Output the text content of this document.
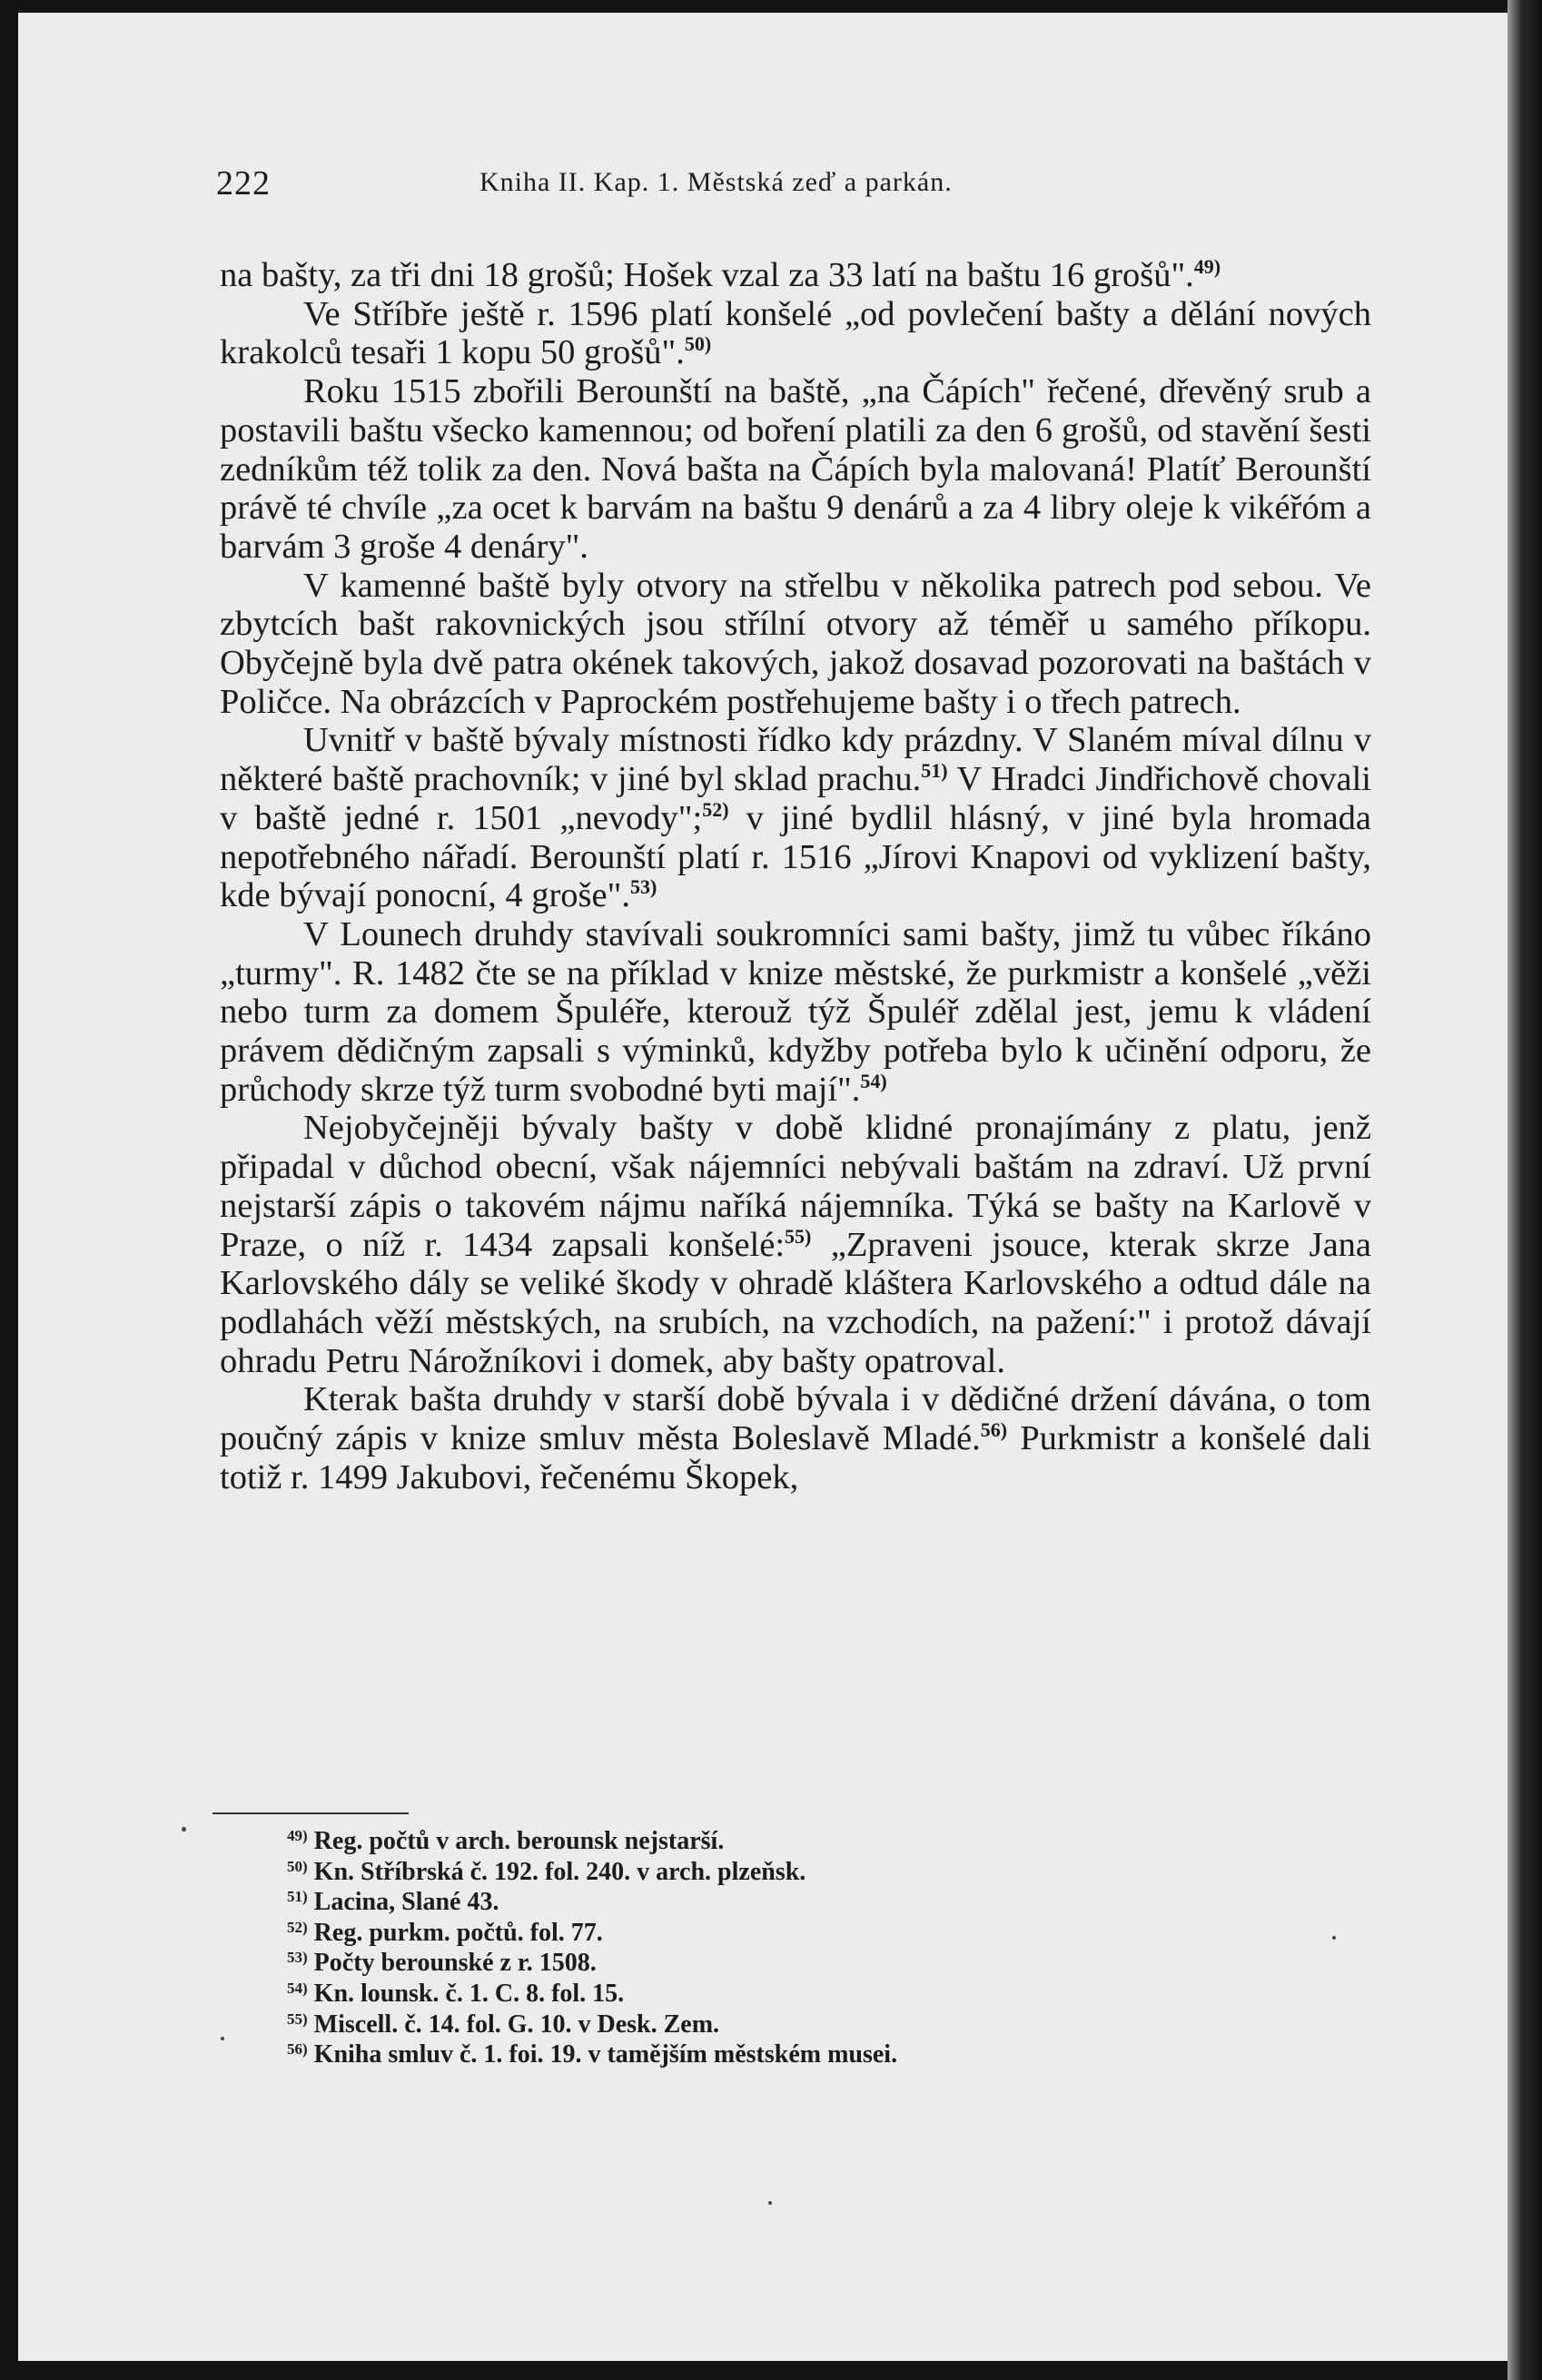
222	Kniha II. Kap. 1. Městská zeď a parkán.

na bašty, za tři dni 18 grošů; Hošek vzal za 33 latí na baštu 16 grošů".$^{49)}$

Ve Stříbře ještě r. 1596 platí konšelé „od povlečení bašty a dělání nových krakolců tesaři 1 kopu 50 grošů".$^{50)}$

Roku 1515 zbořili Berounští na baště, „na Čápích" řečené, dřevěný srub a postavili baštu všecko kamennou; od boření platili za den 6 grošů, od stavění šesti zedníkům též tolik za den. Nová bašta na Čápích byla malovaná! Platíť Berounští právě té chvíle „za ocet k barvám na baštu 9 denárů a za 4 libry oleje k vikéřóm a barvám 3 groše 4 denáry".

V kamenné baště byly otvory na střelbu v několika patrech pod sebou. Ve zbytcích bašt rakovnických jsou střílní otvory až téměř u samého příkopu. Obyčejně byla dvě patra okének takových, jakož dosavad pozorovati na baštách v Poličce. Na obrázcích v Paprockém postřehujeme bašty i o třech patrech.

Uvnitř v baště bývaly místnosti řídko kdy prázdny. V Slaném míval dílnu v některé baště prachovník; v jiné byl sklad prachu.$^{51)}$ V Hradci Jindřichově chovali v baště jedné r. 1501 „nevody";$^{52)}$ v jiné bydlil hlásný, v jiné byla hromada nepotřebného nářadí. Berounští platí r. 1516 „Jírovi Knapovi od vyklizení bašty, kde bývají ponocní, 4 groše".$^{53)}$

V Lounech druhdy stavívali soukromníci sami bašty, jimž tu vůbec říkáno „turmy". R. 1482 čte se na příklad v knize městské, že purkmistr a konšelé „věži nebo turm za domem Špuléře, kterouž týž Špuléř zdělal jest, jemu k vládení právem dědičným zapsali s výminků, kdyžby potřeba bylo k učinění odporu, že průchody skrze týž turm svobodné byti mají".$^{54)}$

Nejobyčejněji bývaly bašty v době klidné pronajímány z platu, jenž připadal v důchod obecní, však nájemníci nebývali baštám na zdraví. Už první nejstarší zápis o takovém nájmu naříká nájemníka. Týká se bašty na Karlově v Praze, o níž r. 1434 zapsali konšelé:$^{55)}$ „Zpraveni jsouce, kterak skrze Jana Karlovského dály se veliké škody v ohradě kláštera Karlovského a odtud dále na podlahách věží městských, na srubích, na vzchodích, na pažení:" i protož dávají ohradu Petru Nárožníkovi i domek, aby bašty opatroval.

Kterak bašta druhdy v starší době bývala i v dědičné držení dávána, o tom poučný zápis v knize smluv města Boleslavě Mladé.$^{56)}$ Purkmistr a konšelé dali totiž r. 1499 Jakubovi, řečenému Škopek,

$^{49)}$ Reg. počtů v arch. berounsk nejstarší.
$^{50)}$ Kn. Stříbrská č. 192. fol. 240. v arch. plzeňsk.
$^{51)}$ Lacina, Slané 43.
$^{52)}$ Reg. purkm. počtů. fol. 77.
$^{53)}$ Počty berounské z r. 1508.
$^{54)}$ Kn. lounsk. č. 1. C. 8. fol. 15.
$^{55)}$ Miscell. č. 14. fol. G. 10. v Desk. Zem.
$^{56)}$ Kniha smluv č. 1. foi. 19. v tamějším městském musei.
